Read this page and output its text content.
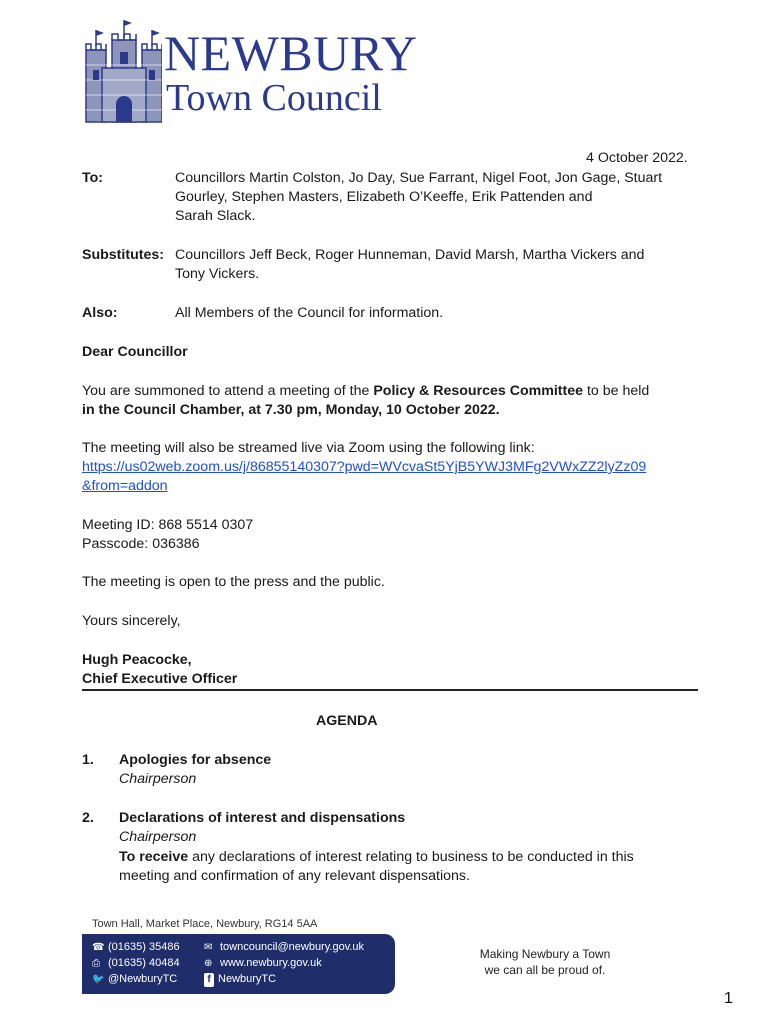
NEWBURY
Town Council
4 October 2022.
To:	Councillors Martin Colston, Jo Day, Sue Farrant, Nigel Foot, Jon Gage, Stuart
Gourley, Stephen Masters, Elizabeth O’Keeffe, Erik Pattenden and
Sarah Slack.
Substitutes: Councillors Jeff Beck, Roger Hunneman, David Marsh, Martha Vickers and
Tony Vickers.
Also:	All Members of the Council for information.
Dear Councillor
You are summoned to attend a meeting of the Policy & Resources Committee to be held
in the Council Chamber, at 7.30 pm, Monday, 10 October 2022.
The meeting will also be streamed live via Zoom using the following link:
https://us02web.zoom.us/j/86855140307?pwd=WVcvaSt5YjB5YWJ3MFg2VWxZZ2lyZz09
&from=addon
Meeting ID: 868 5514 0307
Passcode: 036386
The meeting is open to the press and the public.
Yours sincerely,
Hugh Peacocke,
Chief Executive Officer
AGENDA
1. Apologies for absence
Chairperson
2. Declarations of interest and dispensations
Chairperson
To receive any declarations of interest relating to business to be conducted in this
meeting and confirmation of any relevant dispensations.
Town Hall, Market Place, Newbury, RG14 5AA
☎ (01635) 35486
⎙ (01635) 40484
🐦 @NewburyTC
✉ towncouncil@newbury.gov.uk
⊕ www.newbury.gov.uk
f NewburyTC
Making Newbury a Town
we can all be proud of.
1
